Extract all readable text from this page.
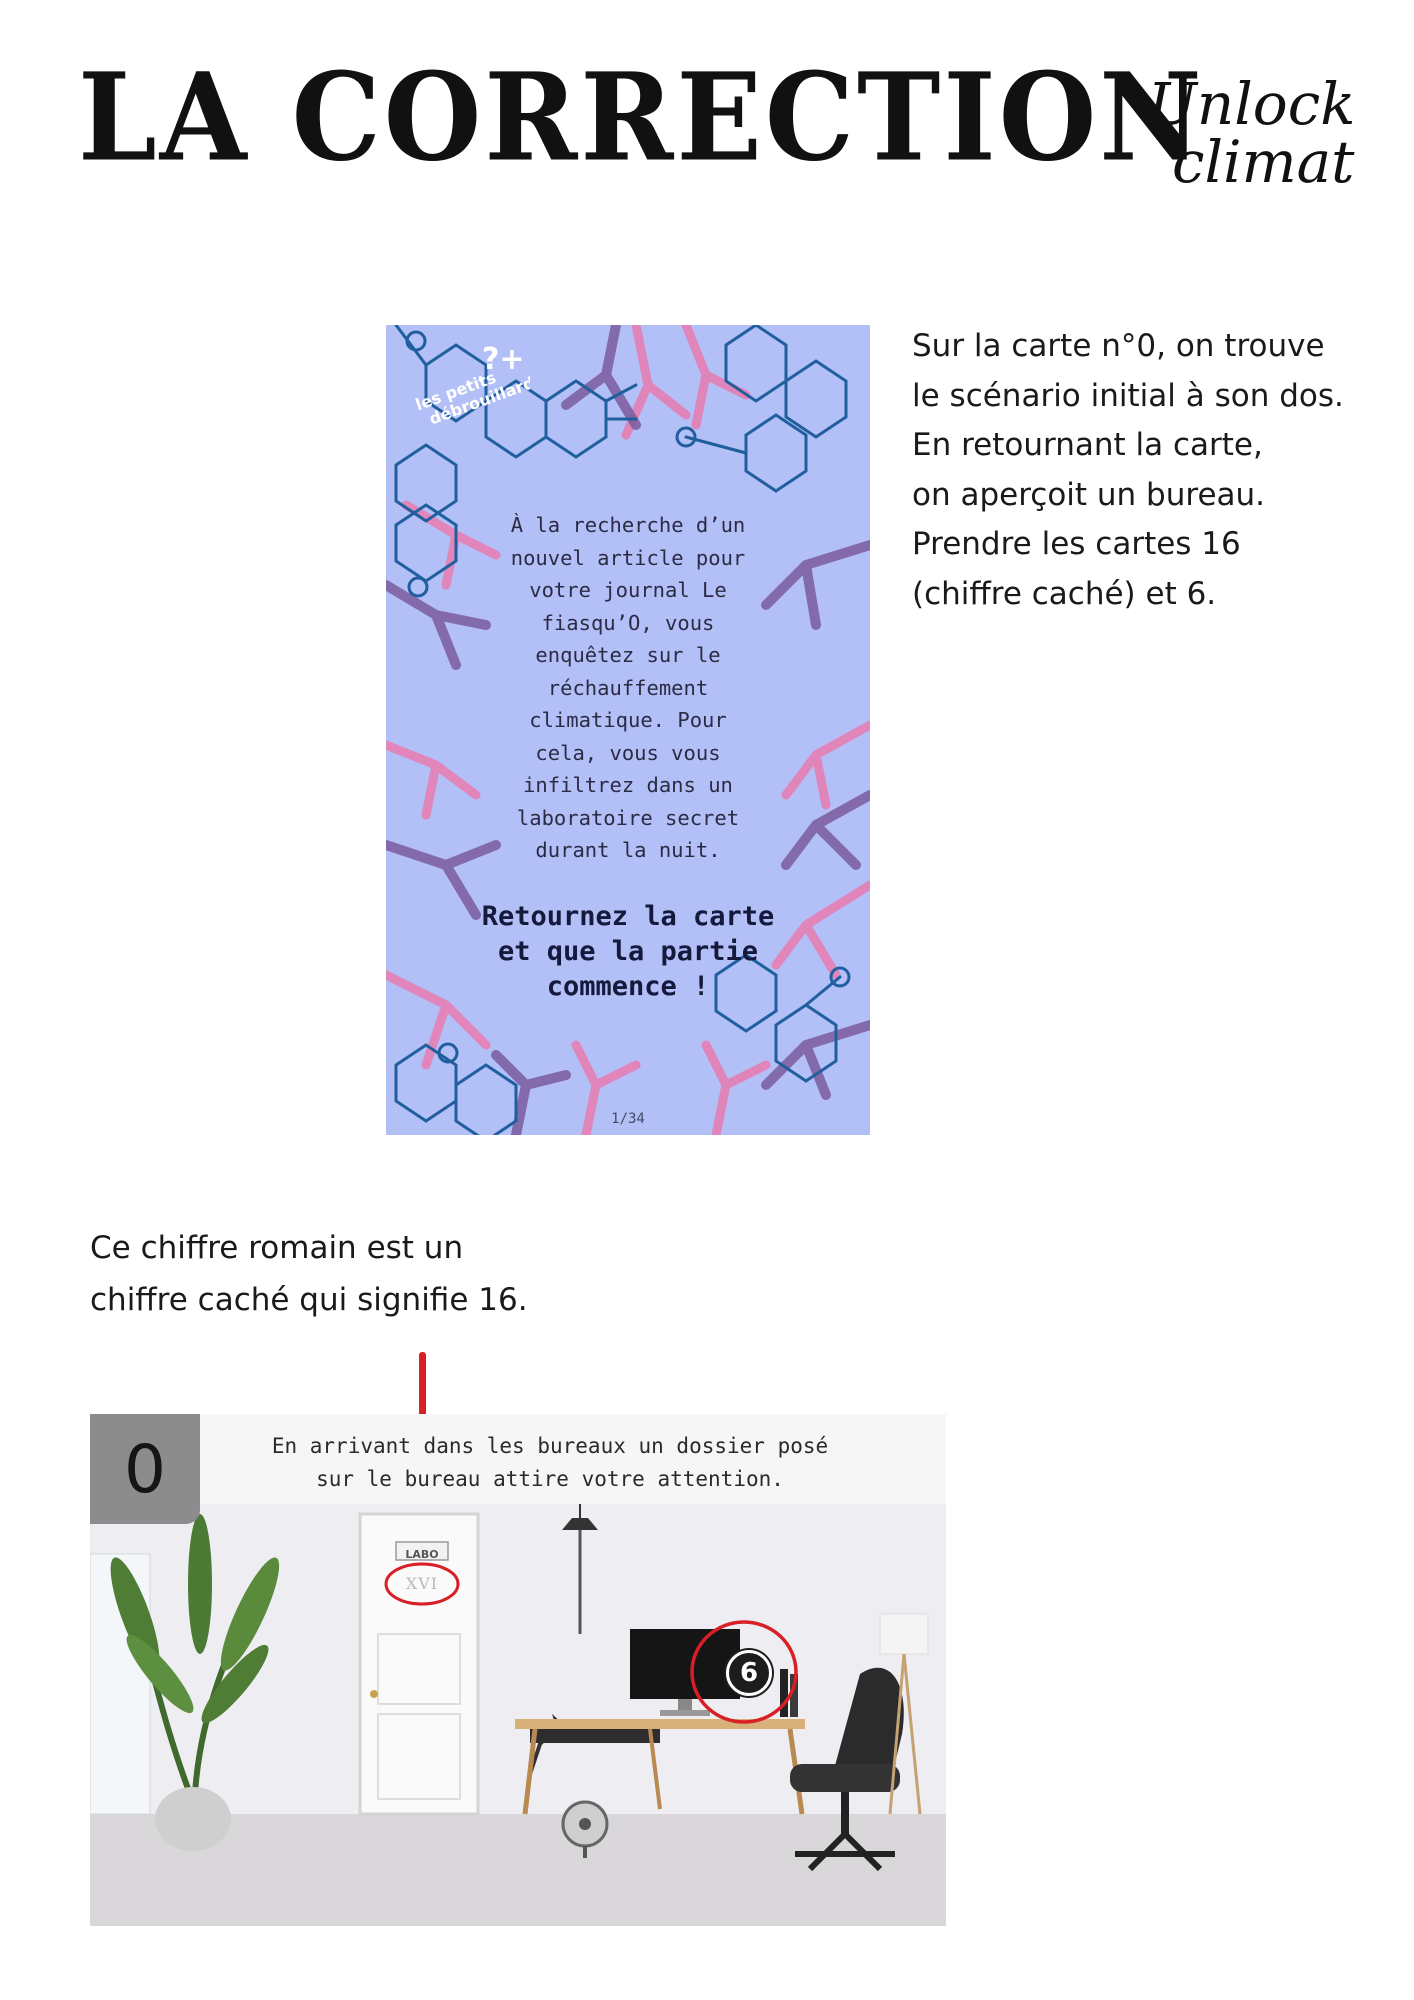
LA CORRECTION
Unlock
climat
?+
les petits
débrouillards
À la recherche d’un
nouvel article pour
votre journal Le
fiasqu’O, vous
enquêtez sur le
réchauffement
climatique. Pour
cela, vous vous
infiltrez dans un
laboratoire secret
durant la nuit.
Retournez la carte
et que la partie
commence !
1/34
Sur la carte n°0, on trouve
le scénario initial à son dos.
En retournant la carte,
on aperçoit un bureau.
Prendre les cartes 16
(chiffre caché) et 6.
Ce chiffre romain est un
chiffre caché qui signifie 16.
0	En arrivant dans les bureaux un dossier posé
sur le bureau attire votre attention.
LABO
XVI
6
